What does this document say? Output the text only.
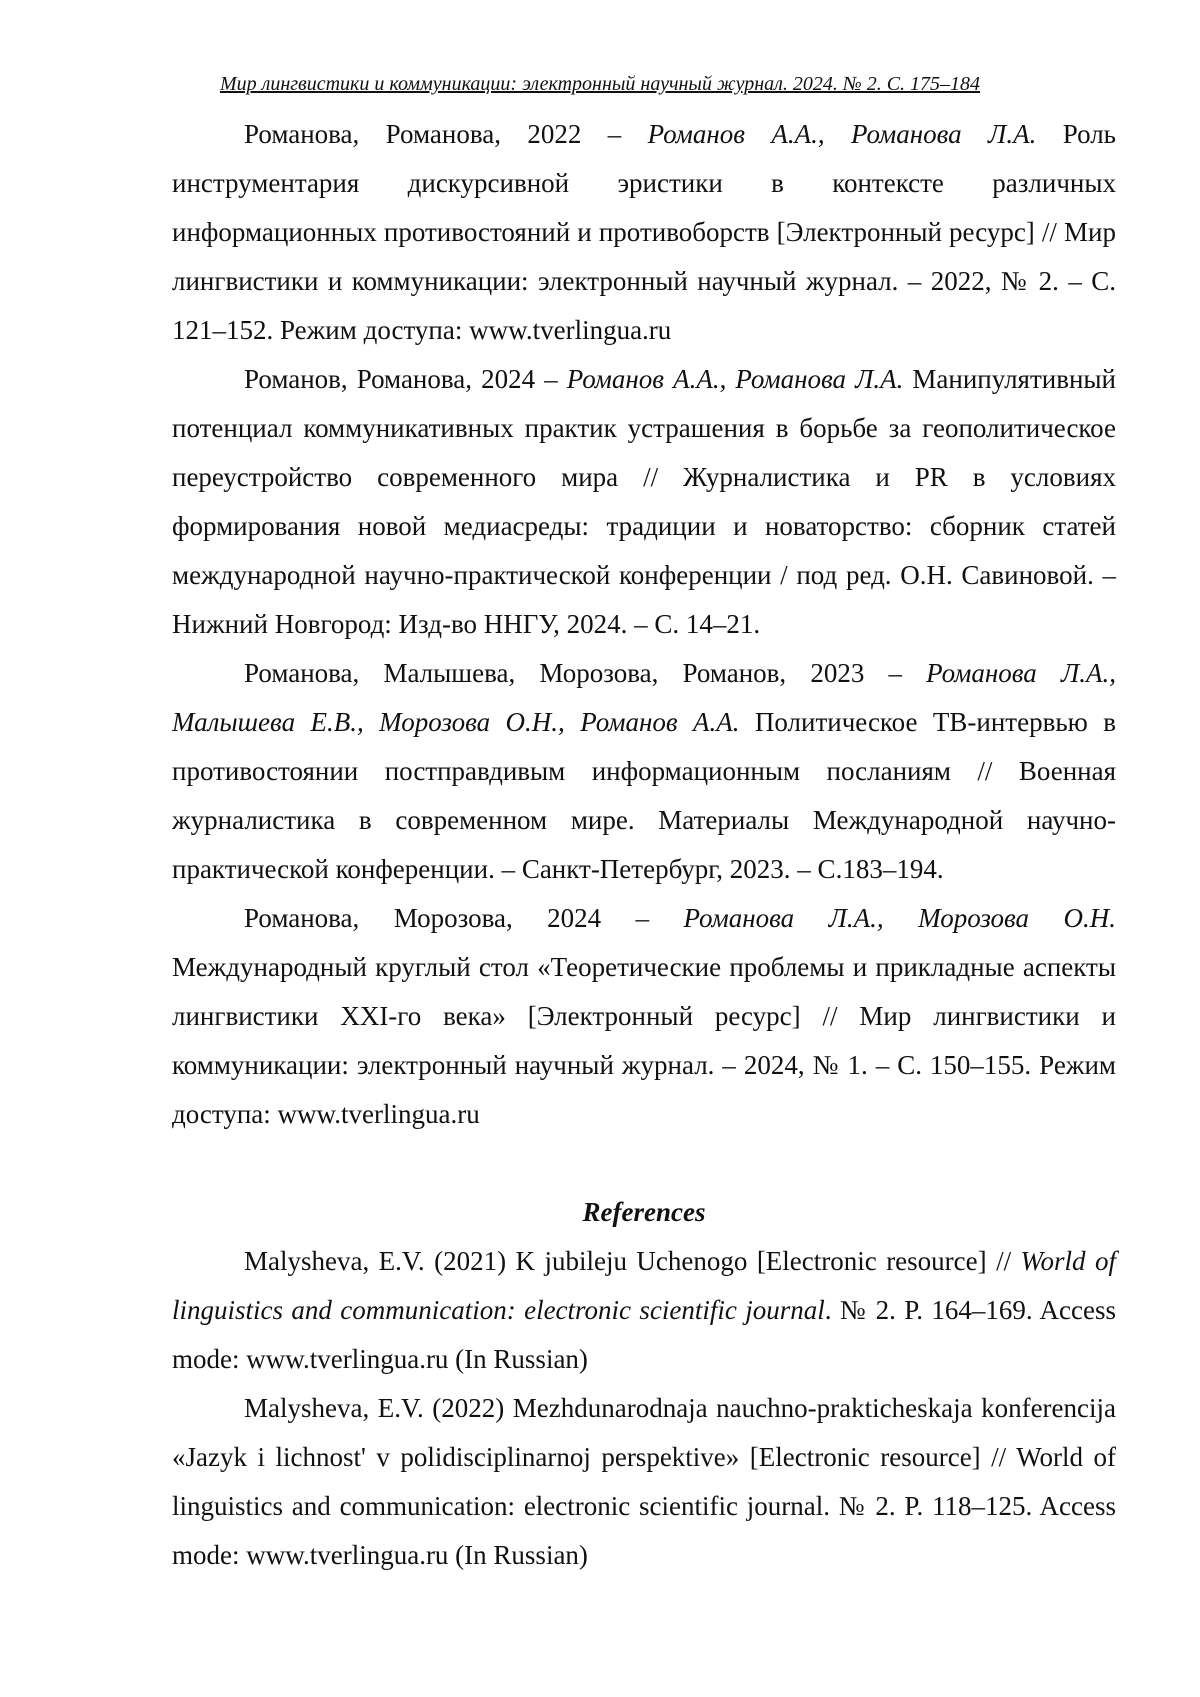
Мир лингвистики и коммуникации: электронный научный журнал. 2024. № 2. С. 175–184

Романова, Романова, 2022 – Романов А.А., Романова Л.А. Роль инструментария дискурсивной эристики в контексте различных информационных противостояний и противоборств [Электронный ресурс] // Мир лингвистики и коммуникации: электронный научный журнал. – 2022, № 2. – С. 121–152. Режим доступа: www.tverlingua.ru

Романов, Романова, 2024 – Романов А.А., Романова Л.А. Манипулятивный потенциал коммуникативных практик устрашения в борьбе за геополитическое переустройство современного мира // Журналистика и PR в условиях формирования новой медиасреды: традиции и новаторство: сборник статей международной научно-практической конференции / под ред. О.Н. Савиновой. – Нижний Новгород: Изд-во ННГУ, 2024. – С. 14–21.

Романова, Малышева, Морозова, Романов, 2023 – Романова Л.А., Малышева Е.В., Морозова О.Н., Романов А.А. Политическое ТВ-интервью в противостоянии постправдивым информационным посланиям // Военная журналистика в современном мире. Материалы Международной научно-практической конференции. – Санкт-Петербург, 2023. – С.183–194.

Романова, Морозова, 2024 – Романова Л.А., Морозова О.Н. Международный круглый стол «Теоретические проблемы и прикладные аспекты лингвистики XXI-го века» [Электронный ресурс] // Мир лингвистики и коммуникации: электронный научный журнал. – 2024, № 1. – С. 150–155. Режим доступа: www.tverlingua.ru

References

Malysheva, E.V. (2021) K jubileju Uchenogo [Electronic resource] // World of linguistics and communication: electronic scientific journal. № 2. P. 164–169. Access mode: www.tverlingua.ru (In Russian)

Malysheva, E.V. (2022) Mezhdunarodnaja nauchno-prakticheskaja konferencija «Jazyk i lichnost' v polidisciplinarnoj perspektive» [Electronic resource] // World of linguistics and communication: electronic scientific journal. № 2. P. 118–125. Access mode: www.tverlingua.ru (In Russian)
